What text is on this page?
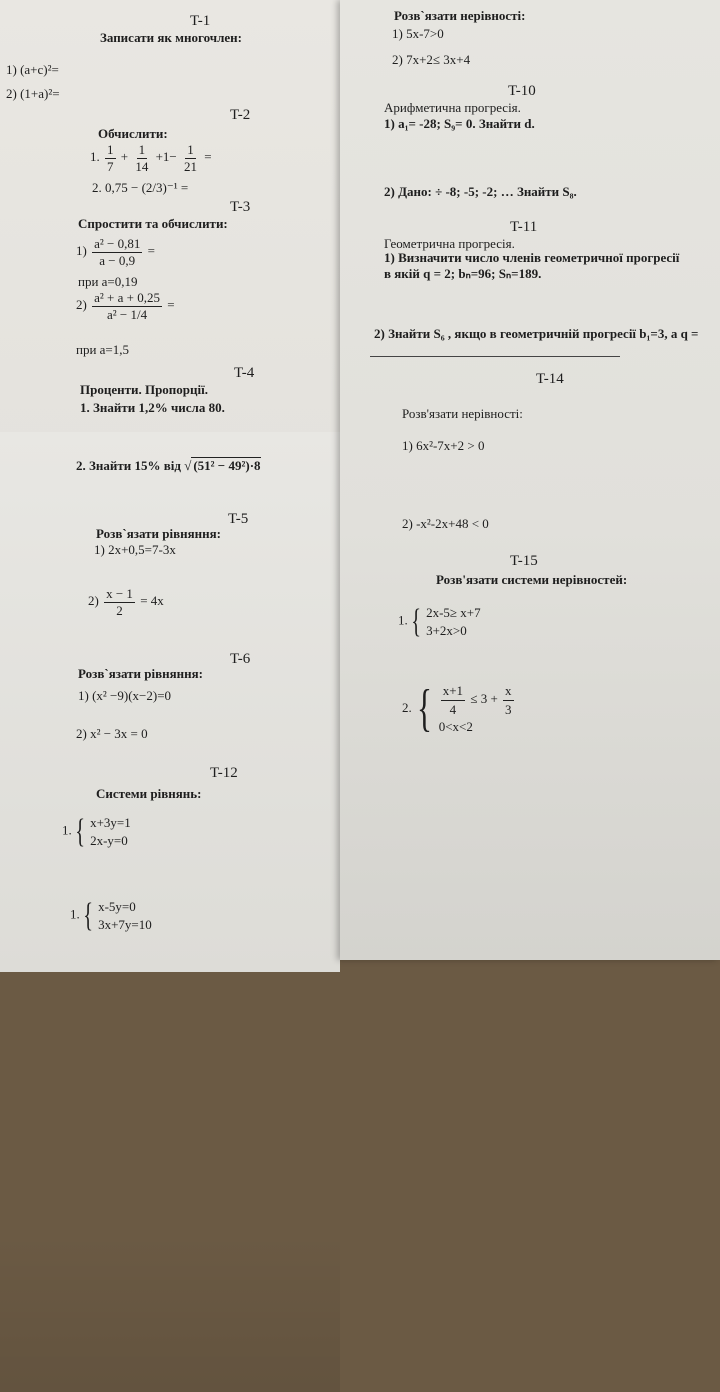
T-1
Записати як многочлен:
1) (a+c)²=
2) (1+a)²=
T-2
Обчислити:
1. $\frac{1}{7} + \frac{1}{14} +1- \frac{1}{21}$ =
2. 0,75 − (2/3)⁻¹ =
T-3
Спростити та обчислити:
$1) \frac{\text{a² − 0,81}}{a - 0,9}$ =
при a=0,19
$2) \frac{\text{a² + a + 0,25}}{\text{a² − 1/4}}$ =
при a=1,5
T-4
Проценти. Пропорції.
1. Знайти 1,2% числа 80.
2. Знайти 15% від √ (51² − 49²)·8
T-5
Розв`язати рівняння:
1) 2x+0,5=7-3x
$2) \frac{x - 1}{2} = 4x$
T-6
Розв`язати рівняння:
1) (x² −9)(x−2)=0
2) x² − 3x = 0
T-12
Системи рівнянь:
1.{ x+3y=1
2x-y=0
1.{ x-5y=0
3x+7y=10
Розв`язати нерівності:
1) 5x-7>0
2) 7x+2≤ 3x+4
T-10
Арифметична прогресія.
1) a₁= -28; S₉= 0. Знайти d.
2) Дано: ÷ -8; -5; -2; … Знайти S₈.
T-11
Геометрична прогресія.
1) Визначити число членів геометричної прогресії
в якій q = 2; bₙ=96; Sₙ=189.
2) Знайти S₆ , якщо в геометричній прогресії b₁=3, а q =
T-14
Розв'язати нерівності:
1) 6x²-7x+2 > 0
2) -x²-2x+48 < 0
T-15
Розв'язати системи нерівностей:
1.{ 2x-5≥ x+7
3+2x>0
$2.\{ \frac{x+1}{4} \le 3 + \frac{x}{3}$

0<x<2
